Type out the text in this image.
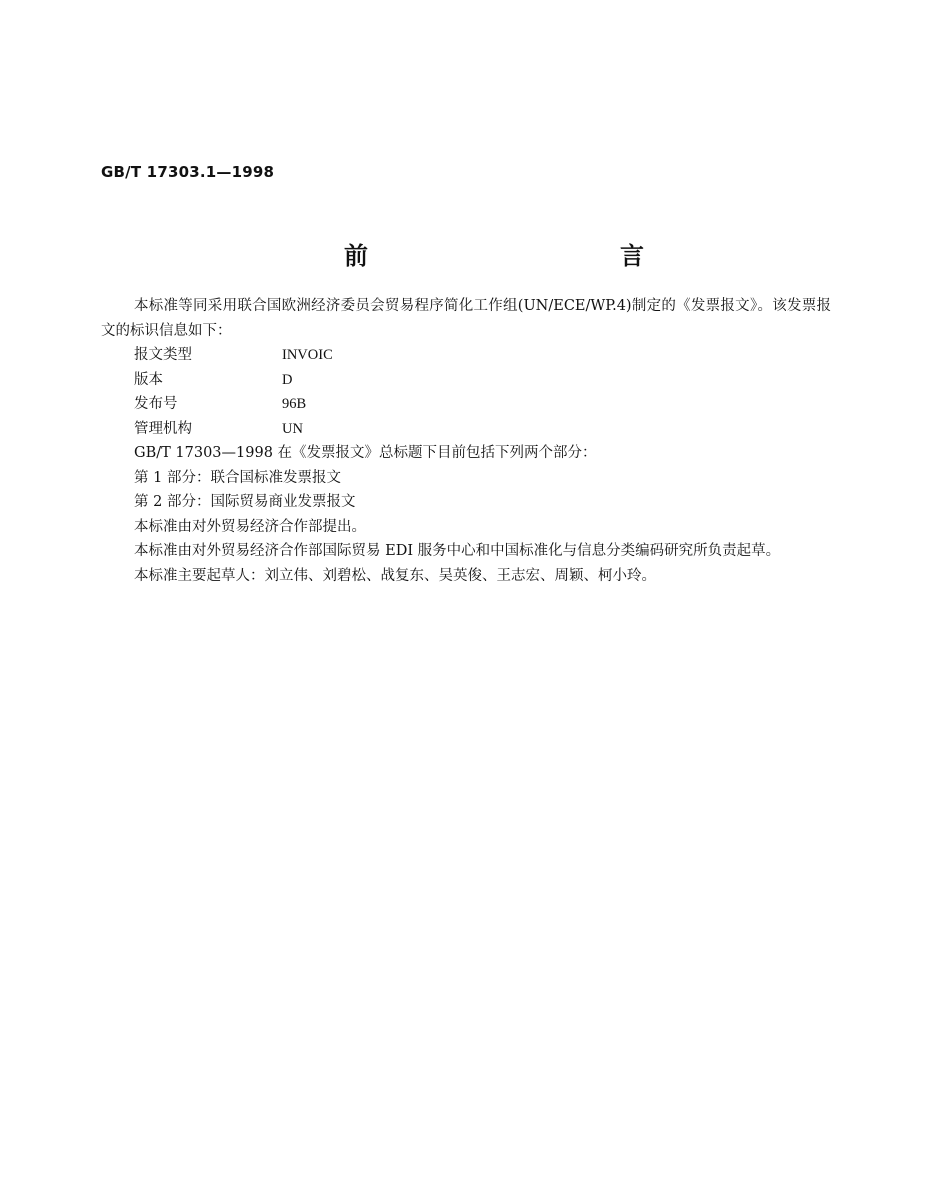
GB/T 17303.1—1998
前　　言

本标准等同采用联合国欧洲经济委员会贸易程序简化工作组(UN/ECE/WP.4)制定的《发票报文》。该发票报文的标识信息如下：

报文类型	INVOIC
版本	D
发布号	96B
管理机构	UN

GB/T 17303—1998 在《发票报文》总标题下目前包括下列两个部分：

第 1 部分：联合国标准发票报文

第 2 部分：国际贸易商业发票报文

本标准由对外贸易经济合作部提出。

本标准由对外贸易经济合作部国际贸易 EDI 服务中心和中国标准化与信息分类编码研究所负责起草。

本标准主要起草人：刘立伟、刘碧松、战复东、吴英俊、王志宏、周颖、柯小玲。
